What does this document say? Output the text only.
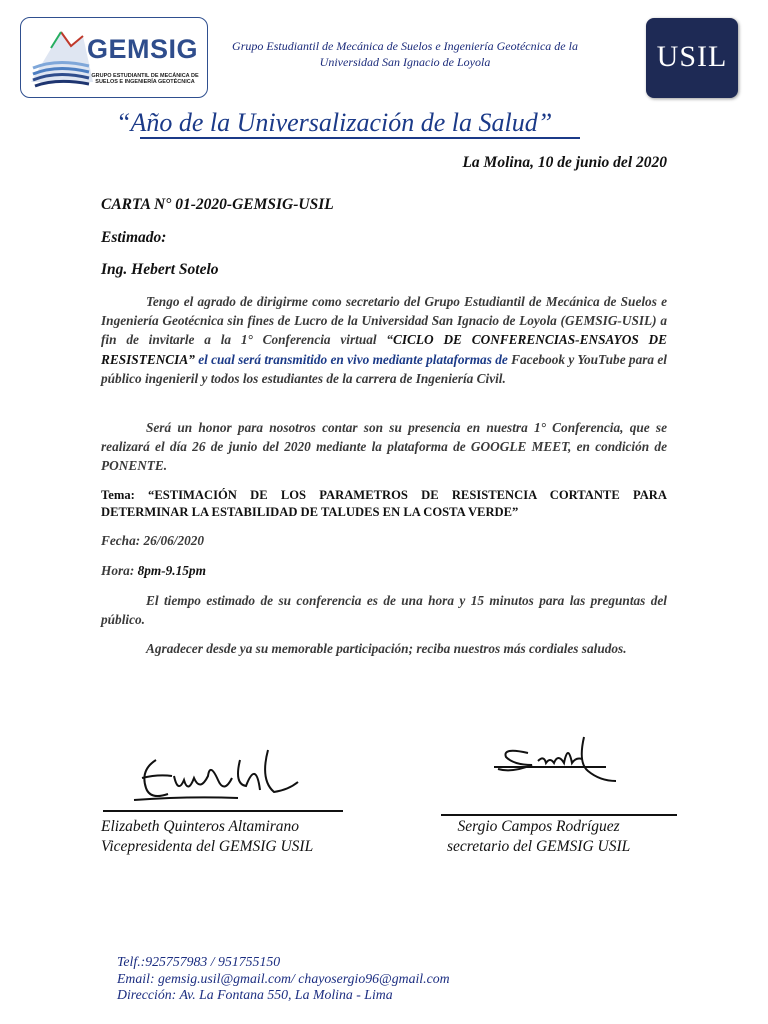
GEMSIG
GRUPO ESTUDIANTIL DE MECÁNICA DE SUELOS E INGENIERÍA GEOTÉCNICA
Grupo Estudiantil de Mecánica de Suelos e Ingeniería Geotécnica de la
Universidad San Ignacio de Loyola	USIL
“Año de la Universalización de la Salud”
La Molina, 10 de junio del 2020
CARTA N° 01-2020-GEMSIG-USIL
Estimado:
Ing. Hebert Sotelo
Tengo el agrado de dirigirme como secretario del Grupo Estudiantil de Mecánica de Suelos e Ingeniería Geotécnica sin fines de Lucro de la Universidad San Ignacio de Loyola (GEMSIG-USIL) a fin de invitarle a la 1° Conferencia virtual “CICLO DE CONFERENCIAS-ENSAYOS DE RESISTENCIA” el cual será transmitido en vivo mediante plataformas de Facebook y YouTube para el público ingenieril y todos los estudiantes de la carrera de Ingeniería Civil.
Será un honor para nosotros contar son su presencia en nuestra 1° Conferencia, que se realizará el día 26 de junio del 2020 mediante la plataforma de GOOGLE MEET, en condición de PONENTE.
Tema: “ESTIMACIÓN DE LOS PARAMETROS DE RESISTENCIA CORTANTE PARA DETERMINAR LA ESTABILIDAD DE TALUDES EN LA COSTA VERDE”
Fecha: 26/06/2020
Hora: 8pm-9.15pm
El tiempo estimado de su conferencia es de una hora y 15 minutos para las preguntas del público.
Agradecer desde ya su memorable participación; reciba nuestros más cordiales saludos.
Elizabeth Quinteros Altamirano
Vicepresidenta del GEMSIG USIL
Sergio Campos Rodríguez
secretario del GEMSIG USIL
Telf.:925757983 / 951755150
Email: gemsig.usil@gmail.com/ chayosergio96@gmail.com
Dirección: Av. La Fontana 550, La Molina - Lima
